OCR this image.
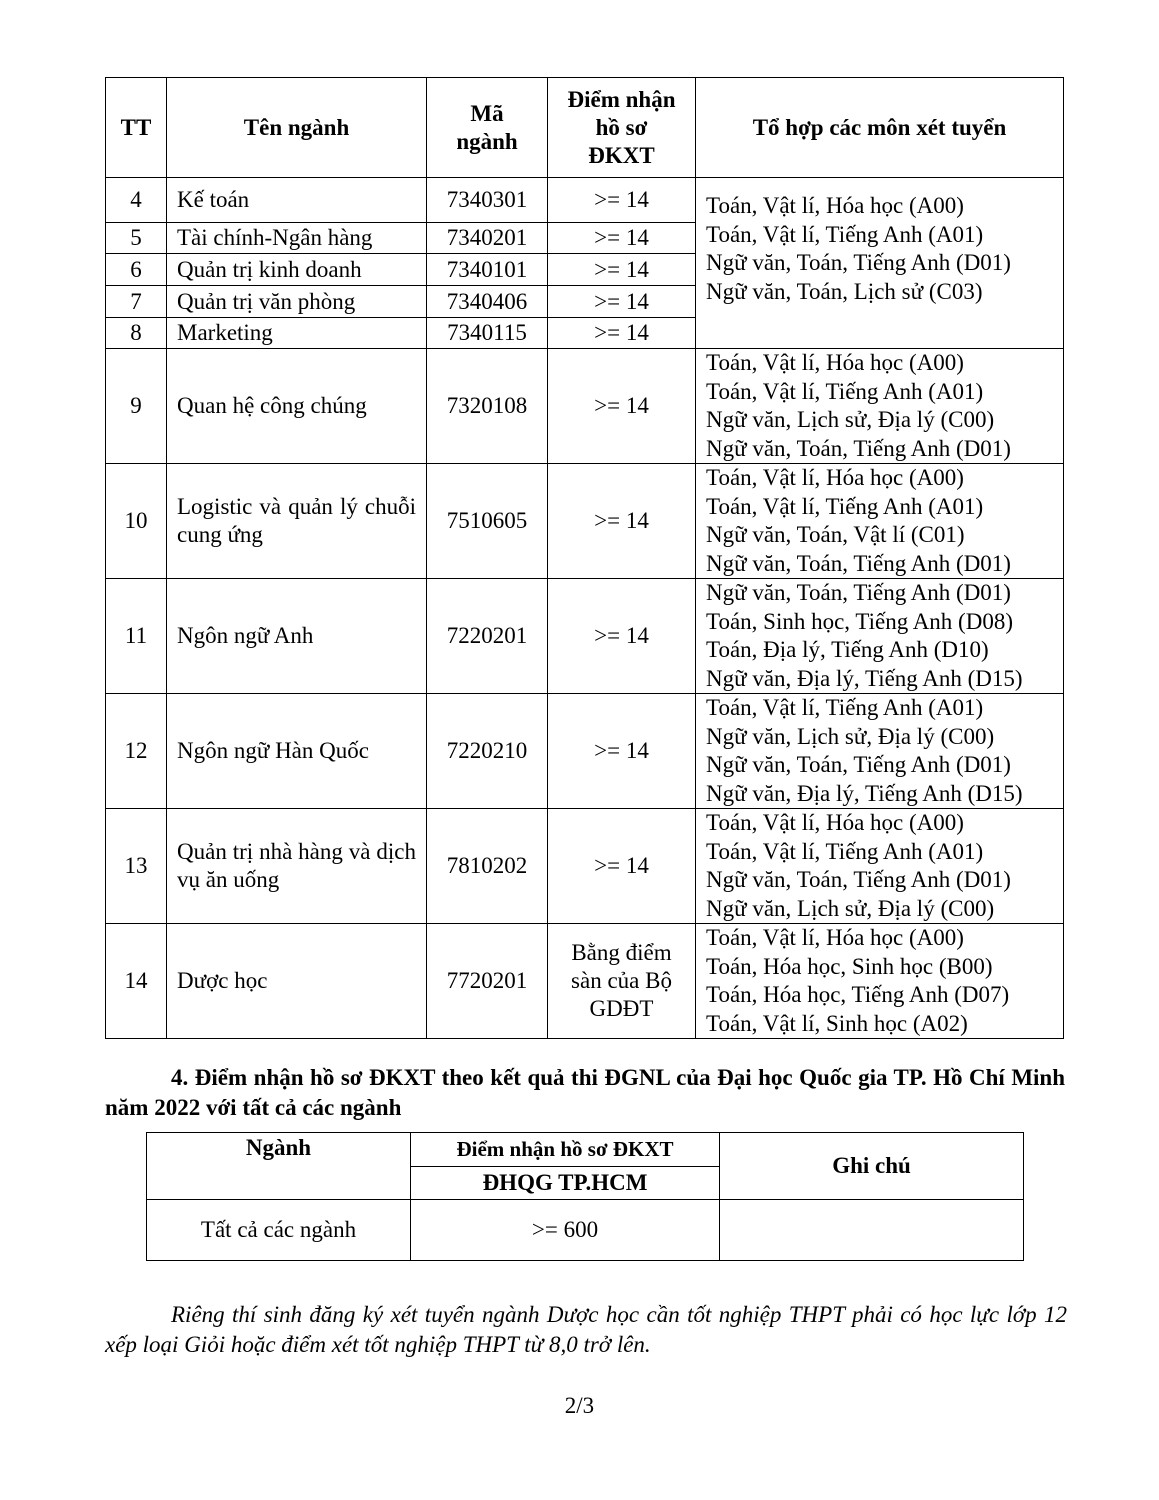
TT	Tên ngành	Mã ngành	Điểm nhận hồ sơ ĐKXT	Tổ hợp các môn xét tuyển
4	Kế toán	7340301	>= 14	Toán, Vật lí, Hóa học (A00)
Toán, Vật lí, Tiếng Anh (A01)
Ngữ văn, Toán, Tiếng Anh (D01)
Ngữ văn, Toán, Lịch sử (C03)

5	Tài chính-Ngân hàng	7340201	>= 14	
6	Quản trị kinh doanh	7340101	>= 14	
7	Quản trị văn phòng	7340406	>= 14	
8	Marketing	7340115	>= 14	
9	Quan hệ công chúng	7320108	>= 14	Toán, Vật lí, Hóa học (A00)
Toán, Vật lí, Tiếng Anh (A01)
Ngữ văn, Lịch sử, Địa lý (C00)
Ngữ văn, Toán, Tiếng Anh (D01)

10	Logistic và quản lý chuỗi cung ứng	7510605	>= 14	Toán, Vật lí, Hóa học (A00)
Toán, Vật lí, Tiếng Anh (A01)
Ngữ văn, Toán, Vật lí (C01)
Ngữ văn, Toán, Tiếng Anh (D01)

11	Ngôn ngữ Anh	7220201	>= 14	Ngữ văn, Toán, Tiếng Anh (D01)
Toán, Sinh học, Tiếng Anh (D08)
Toán, Địa lý, Tiếng Anh (D10)
Ngữ văn, Địa lý, Tiếng Anh (D15)

12	Ngôn ngữ Hàn Quốc	7220210	>= 14	Toán, Vật lí, Tiếng Anh (A01)
Ngữ văn, Lịch sử, Địa lý (C00)
Ngữ văn, Toán, Tiếng Anh (D01)
Ngữ văn, Địa lý, Tiếng Anh (D15)

13	Quản trị nhà hàng và dịch vụ ăn uống	7810202	>= 14	Toán, Vật lí, Hóa học (A00)
Toán, Vật lí, Tiếng Anh (A01)
Ngữ văn, Toán, Tiếng Anh (D01)
Ngữ văn, Lịch sử, Địa lý (C00)

14	Dược học	7720201	Bằng điểm sàn của Bộ GDĐT	Toán, Vật lí, Hóa học (A00)
Toán, Hóa học, Sinh học (B00)
Toán, Hóa học, Tiếng Anh (D07)
Toán, Vật lí, Sinh học (A02)
4. Điểm nhận hồ sơ ĐKXT theo kết quả thi ĐGNL của Đại học Quốc gia TP. Hồ Chí Minh năm 2022 với tất cả các ngành
Ngành	Điểm nhận hồ sơ ĐKXT	Ghi chú
	ĐHQG TP.HCM	
Tất cả các ngành	>= 600	
Riêng thí sinh đăng ký xét tuyển ngành Dược học cần tốt nghiệp THPT phải có học lực lớp 12 xếp loại Giỏi hoặc điểm xét tốt nghiệp THPT từ 8,0 trở lên.
2/3
